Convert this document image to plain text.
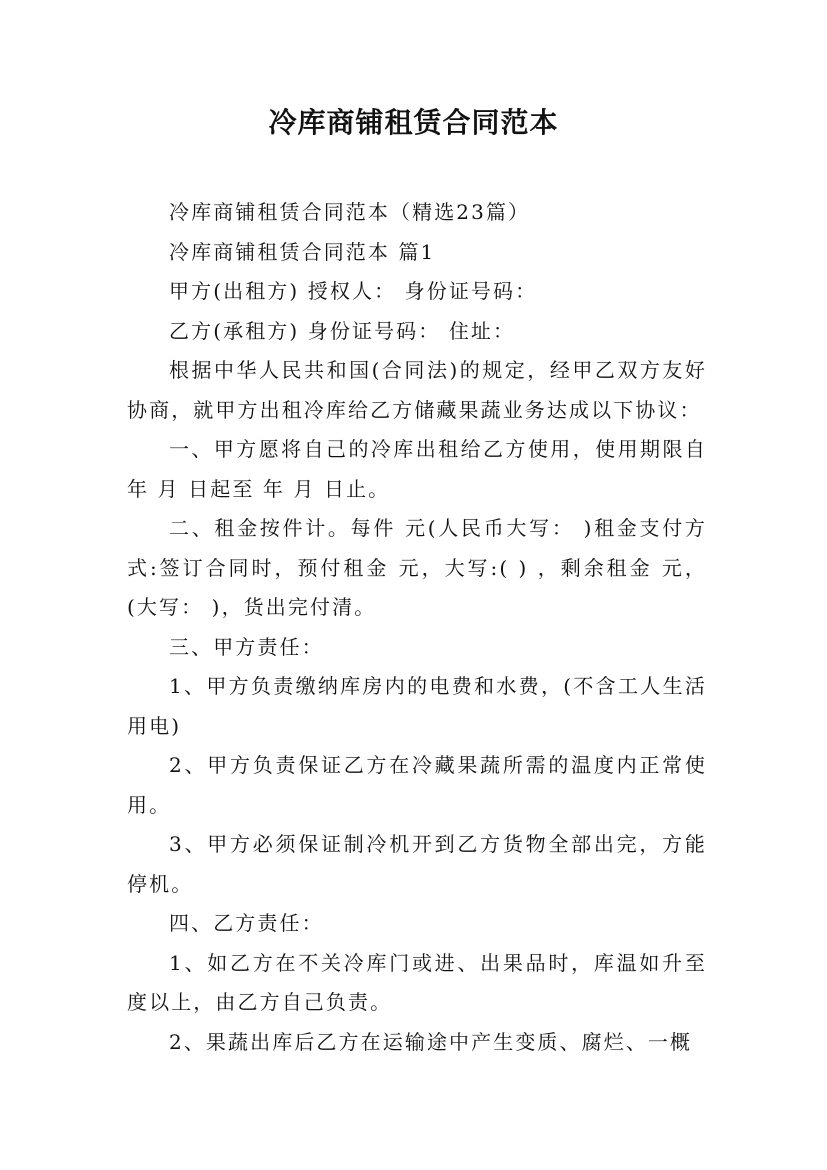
冷库商铺租赁合同范本

冷库商铺租赁合同范本（精选23篇）

冷库商铺租赁合同范本 篇1

甲方(出租方) 授权人： 身份证号码：

乙方(承租方) 身份证号码： 住址：

根据中华人民共和国(合同法)的规定，经甲乙双方友好协商，就甲方出租冷库给乙方储藏果蔬业务达成以下协议：

一、甲方愿将自己的冷库出租给乙方使用，使用期限自 年 月 日起至 年 月 日止。

二、租金按件计。每件 元(人民币大写： )租金支付方式:签订合同时，预付租金 元，大写:( ) ，剩余租金 元，(大写： )，货出完付清。

三、甲方责任：

1、甲方负责缴纳库房内的电费和水费，(不含工人生活用电)

2、甲方负责保证乙方在冷藏果蔬所需的温度内正常使用。

3、甲方必须保证制冷机开到乙方货物全部出完，方能停机。

四、乙方责任：

1、如乙方在不关冷库门或进、出果品时，库温如升至 度以上，由乙方自己负责。

2、果蔬出库后乙方在运输途中产生变质、腐烂、一概
